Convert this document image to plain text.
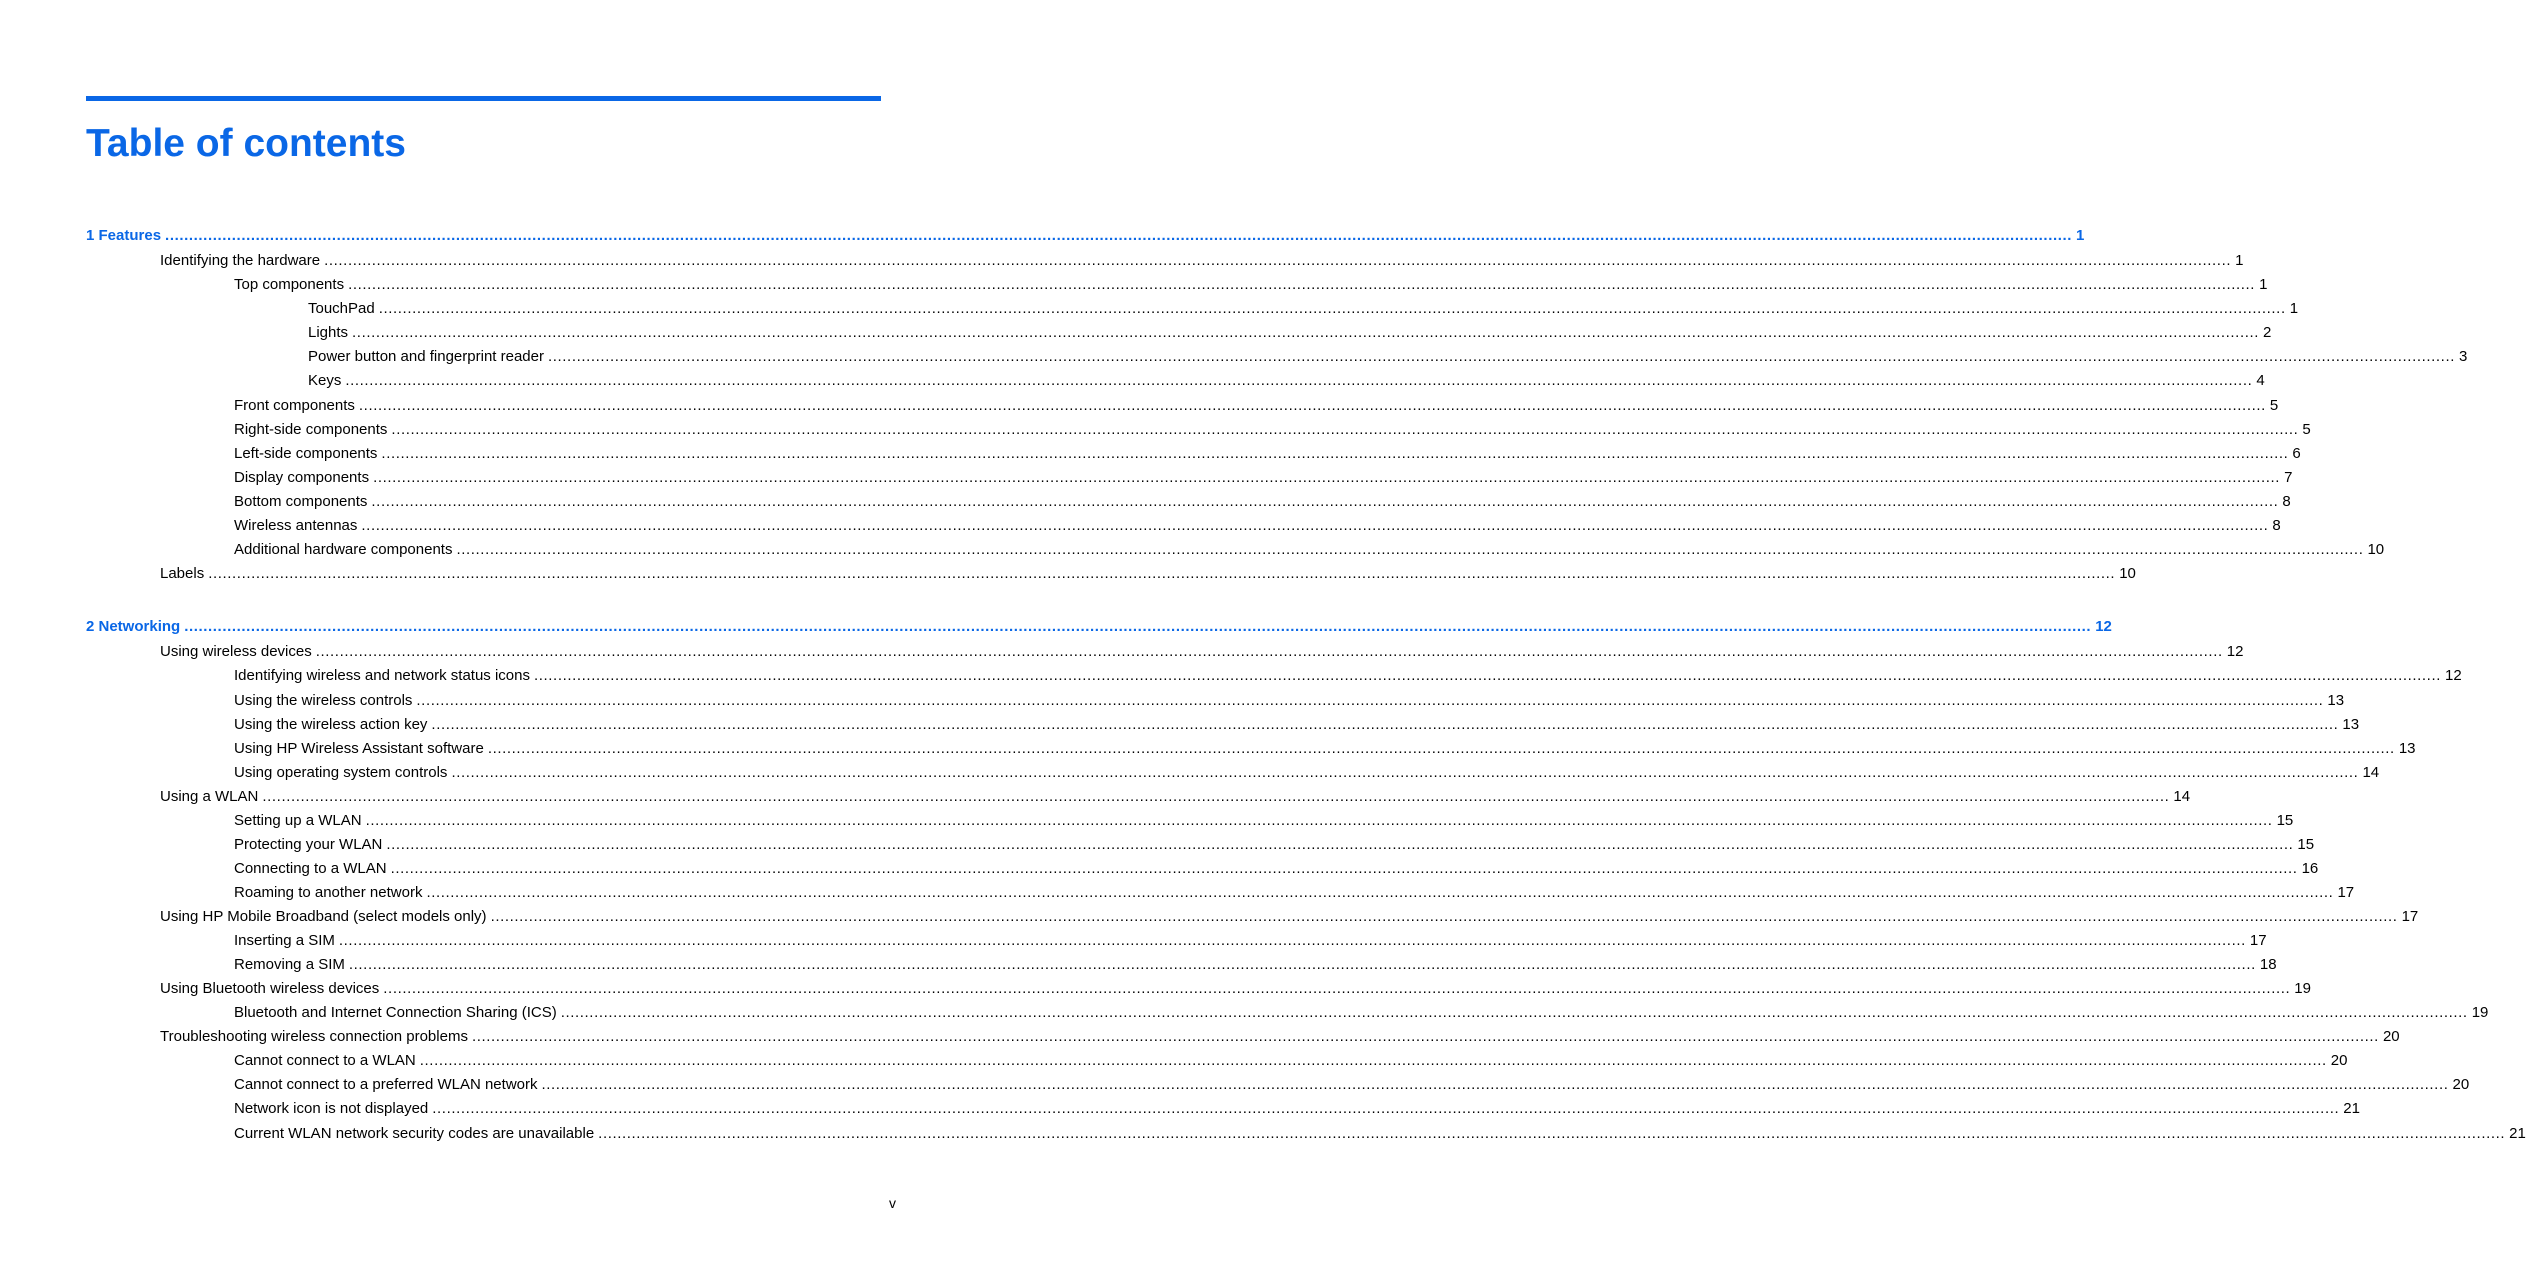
Table of contents
1 Features ................................................................................................................................................................................................................................................................................................................................................................................................................ 1
Identifying the hardware ................................................................................................................................................................................................................................................................................................................................................................................................................ 1
Top components ................................................................................................................................................................................................................................................................................................................................................................................................................ 1
TouchPad ................................................................................................................................................................................................................................................................................................................................................................................................................ 1
Lights ................................................................................................................................................................................................................................................................................................................................................................................................................ 2
Power button and fingerprint reader ................................................................................................................................................................................................................................................................................................................................................................................................................ 3
Keys ................................................................................................................................................................................................................................................................................................................................................................................................................ 4
Front components ................................................................................................................................................................................................................................................................................................................................................................................................................ 5
Right-side components ................................................................................................................................................................................................................................................................................................................................................................................................................ 5
Left-side components ................................................................................................................................................................................................................................................................................................................................................................................................................ 6
Display components ................................................................................................................................................................................................................................................................................................................................................................................................................ 7
Bottom components ................................................................................................................................................................................................................................................................................................................................................................................................................ 8
Wireless antennas ................................................................................................................................................................................................................................................................................................................................................................................................................ 8
Additional hardware components ................................................................................................................................................................................................................................................................................................................................................................................................................ 10
Labels ................................................................................................................................................................................................................................................................................................................................................................................................................ 10
2 Networking ................................................................................................................................................................................................................................................................................................................................................................................................................ 12
Using wireless devices ................................................................................................................................................................................................................................................................................................................................................................................................................ 12
Identifying wireless and network status icons ................................................................................................................................................................................................................................................................................................................................................................................................................ 12
Using the wireless controls ................................................................................................................................................................................................................................................................................................................................................................................................................ 13
Using the wireless action key ................................................................................................................................................................................................................................................................................................................................................................................................................ 13
Using HP Wireless Assistant software ................................................................................................................................................................................................................................................................................................................................................................................................................ 13
Using operating system controls ................................................................................................................................................................................................................................................................................................................................................................................................................ 14
Using a WLAN ................................................................................................................................................................................................................................................................................................................................................................................................................ 14
Setting up a WLAN ................................................................................................................................................................................................................................................................................................................................................................................................................ 15
Protecting your WLAN ................................................................................................................................................................................................................................................................................................................................................................................................................ 15
Connecting to a WLAN ................................................................................................................................................................................................................................................................................................................................................................................................................ 16
Roaming to another network ................................................................................................................................................................................................................................................................................................................................................................................................................ 17
Using HP Mobile Broadband (select models only) ................................................................................................................................................................................................................................................................................................................................................................................................................ 17
Inserting a SIM ................................................................................................................................................................................................................................................................................................................................................................................................................ 17
Removing a SIM ................................................................................................................................................................................................................................................................................................................................................................................................................ 18
Using Bluetooth wireless devices ................................................................................................................................................................................................................................................................................................................................................................................................................ 19
Bluetooth and Internet Connection Sharing (ICS) ................................................................................................................................................................................................................................................................................................................................................................................................................ 19
Troubleshooting wireless connection problems ................................................................................................................................................................................................................................................................................................................................................................................................................ 20
Cannot connect to a WLAN ................................................................................................................................................................................................................................................................................................................................................................................................................ 20
Cannot connect to a preferred WLAN network ................................................................................................................................................................................................................................................................................................................................................................................................................ 20
Network icon is not displayed ................................................................................................................................................................................................................................................................................................................................................................................................................ 21
Current WLAN network security codes are unavailable ................................................................................................................................................................................................................................................................................................................................................................................................................ 21
v
